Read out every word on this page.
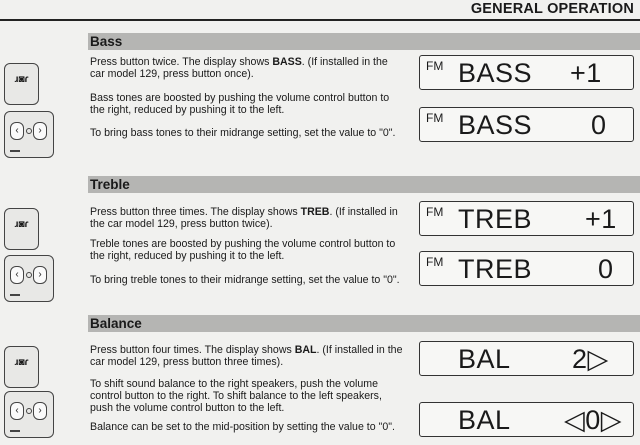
GENERAL OPERATION
Bass
ɹ◙ɾ
‹	›

Press button twice. The display shows BASS. (If installed in the car model 129, press button once).

Bass tones are boosted by pushing the volume control button to the right, reduced by pushing it to the left.

To bring bass tones to their midrange setting, set the value to "0".

FM BASS +1
FM BASS 0
Treble
ɹ◙ɾ
‹	›

Press button three times. The display shows TREB. (If installed in the car model 129, press button twice).

Treble tones are boosted by pushing the volume control button to the right, reduced by pushing it to the left.

To bring treble tones to their midrange setting, set the value to "0".

FM TREB +1
FM TREB 0
Balance
ɹ◙ɾ
‹	›

Press button four times. The display shows BAL. (If installed in the car model 129, press button three times).

To shift sound balance to the right speakers, push the volume control button to the right. To shift balance to the left speakers, push the volume control button to the left.

Balance can be set to the mid-position by setting the value to "0".

BAL 2▷
BAL ◁0▷
